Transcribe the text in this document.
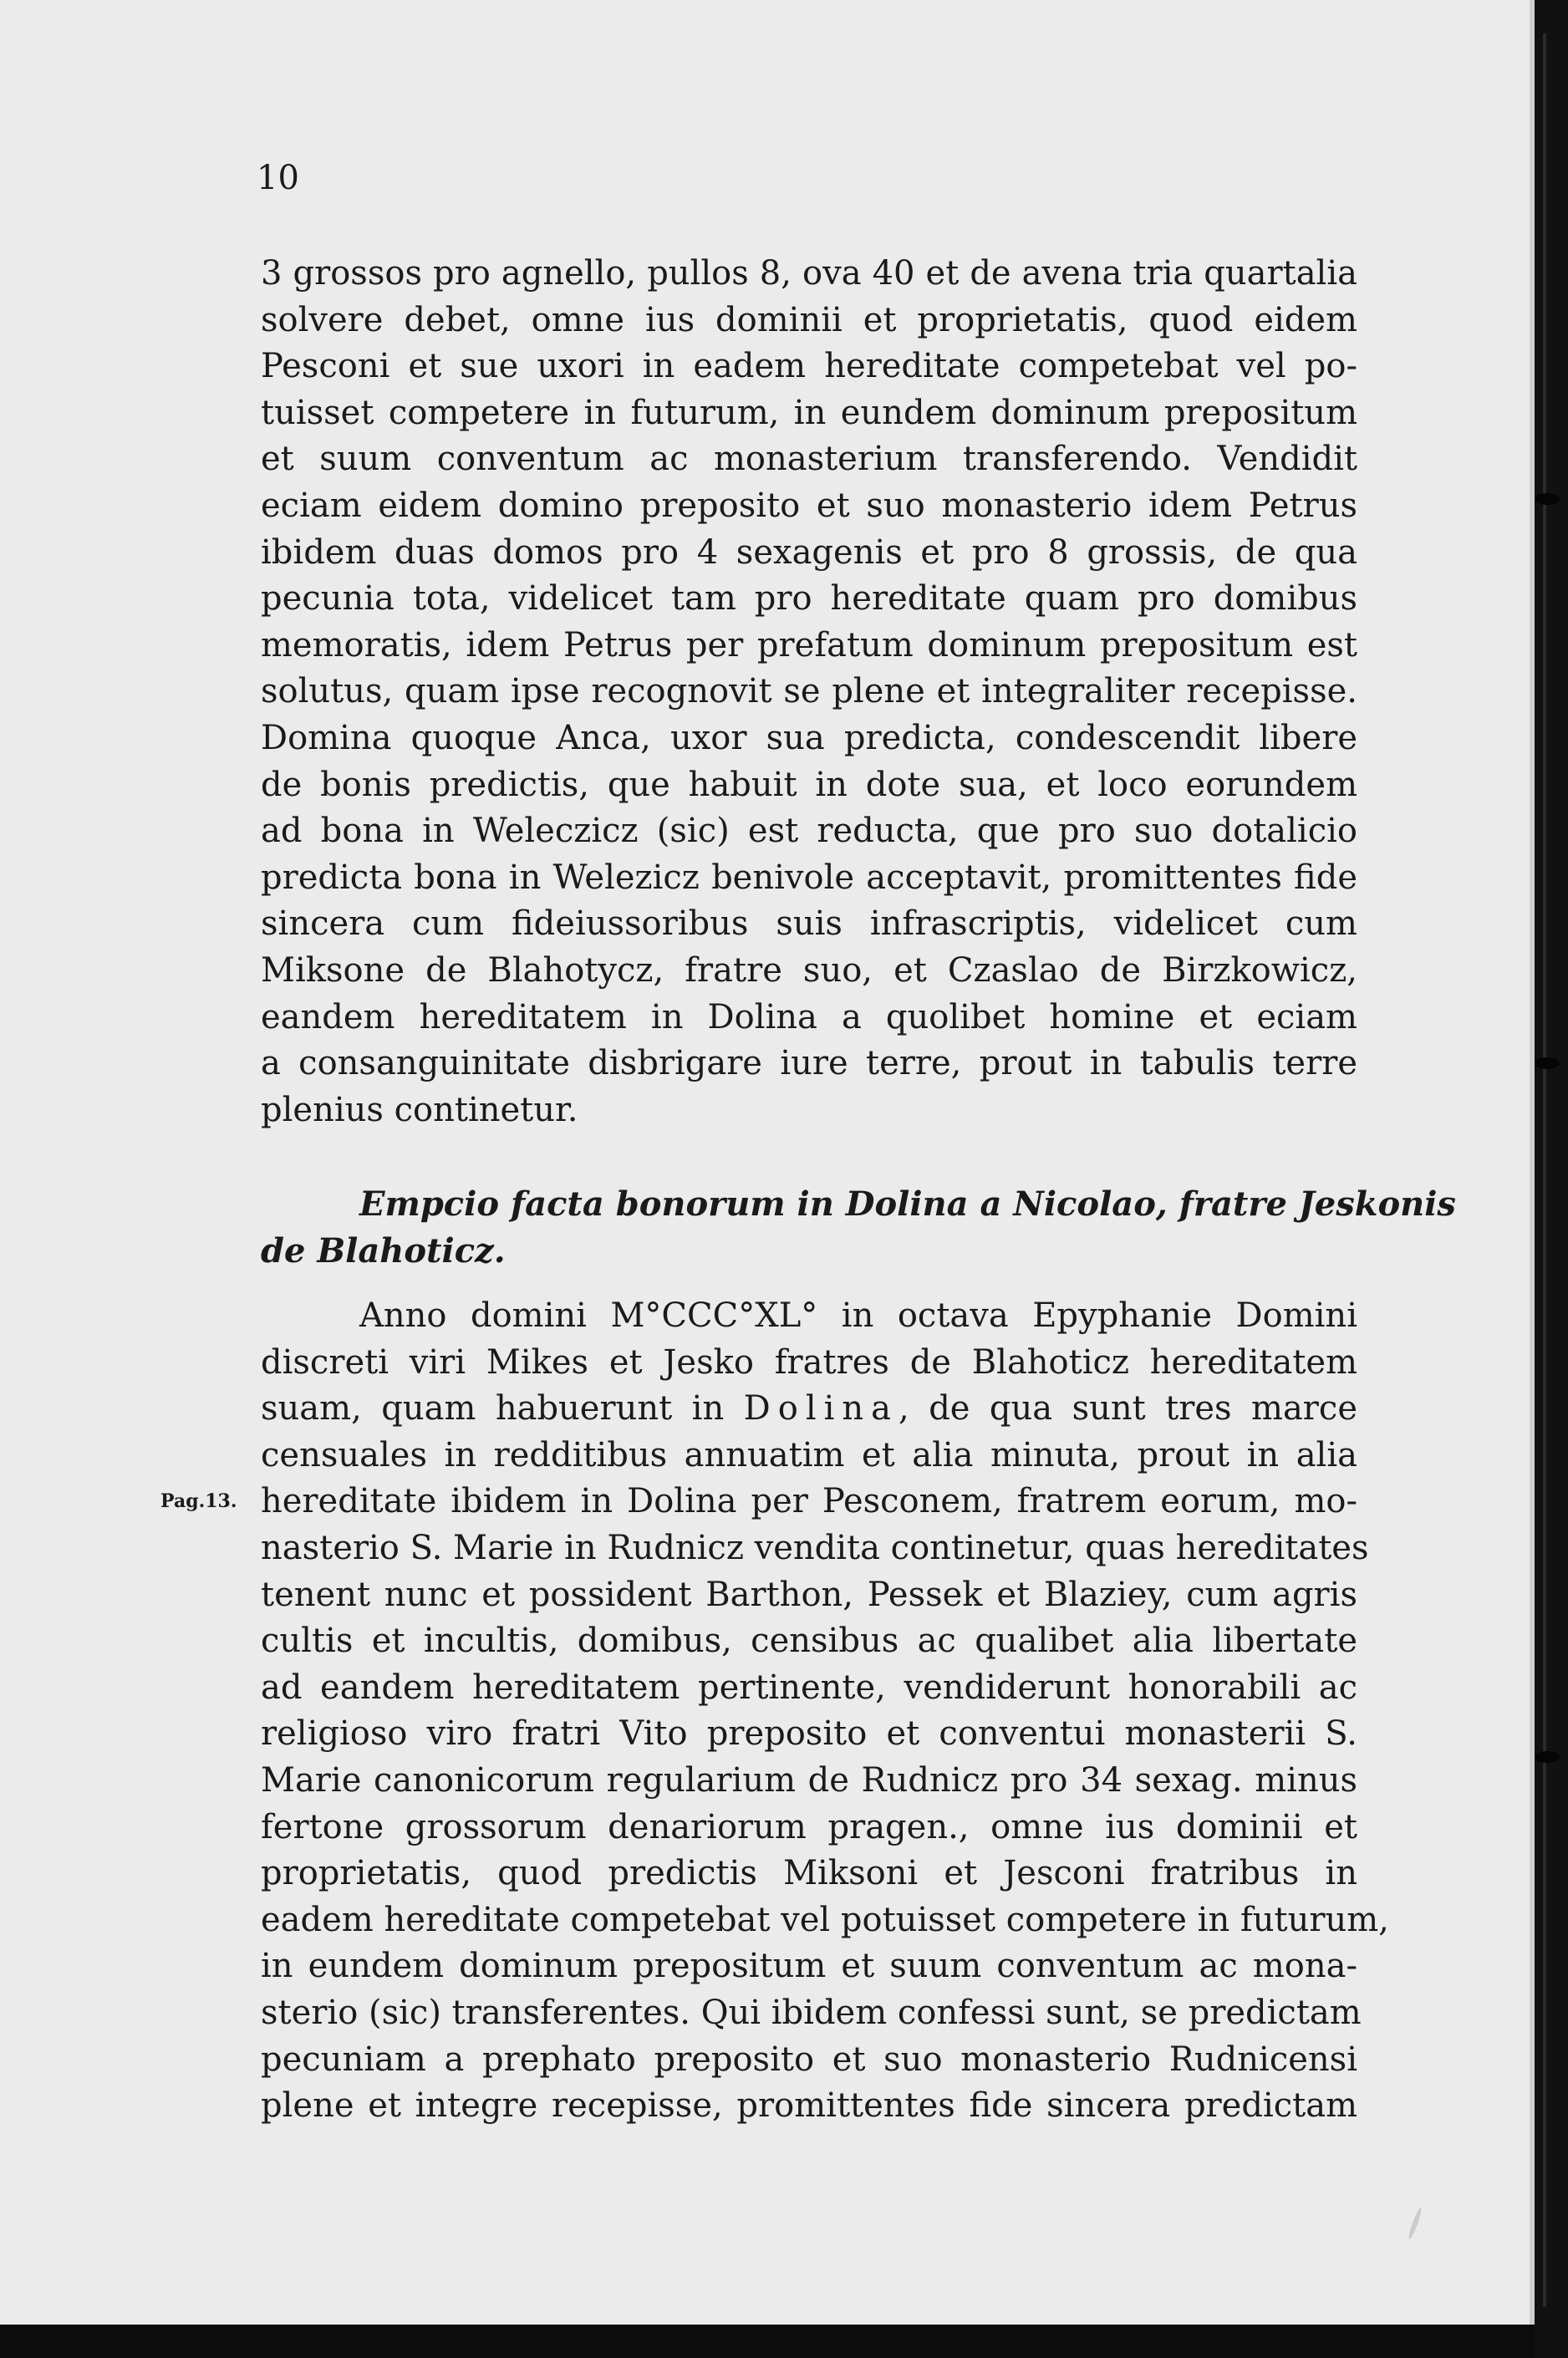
10

3 grossos pro agnello, pullos 8, ova 40 et de avena tria quartalia
solvere debet, omne ius dominii et proprietatis, quod eidem
Pesconi et sue uxori in eadem hereditate competebat vel po-
tuisset competere in futurum, in eundem dominum prepositum
et suum conventum ac monasterium transferendo. Vendidit
eciam eidem domino preposito et suo monasterio idem Petrus
ibidem duas domos pro 4 sexagenis et pro 8 grossis, de qua
pecunia tota, videlicet tam pro hereditate quam pro domibus
memoratis, idem Petrus per prefatum dominum prepositum est
solutus, quam ipse recognovit se plene et integraliter recepisse.
Domina quoque Anca, uxor sua predicta, condescendit libere
de bonis predictis, que habuit in dote sua, et loco eorundem
ad bona in Weleczicz (sic) est reducta, que pro suo dotalicio
predicta bona in Welezicz benivole acceptavit, promittentes fide
sincera cum fideiussoribus suis infrascriptis, videlicet cum
Miksone de Blahotycz, fratre suo, et Czaslao de Birzkowicz,
eandem hereditatem in Dolina a quolibet homine et eciam
a consanguinitate disbrigare iure terre, prout in tabulis terre
plenius continetur.

Empcio facta bonorum in Dolina a Nicolao, fratre Jeskonis
de Blahoticz.

Anno domini M°CCC°XL° in octava Epyphanie Domini
discreti viri Mikes et Jesko fratres de Blahoticz hereditatem
suam, quam habuerunt in Dolina, de qua sunt tres marce
censuales in redditibus annuatim et alia minuta, prout in alia
hereditate ibidem in Dolina per Pesconem, fratrem eorum, mo-
nasterio S. Marie in Rudnicz vendita continetur, quas hereditates
tenent nunc et possident Barthon, Pessek et Blaziey, cum agris
cultis et incultis, domibus, censibus ac qualibet alia libertate
ad eandem hereditatem pertinente, vendiderunt honorabili ac
religioso viro fratri Vito preposito et conventui monasterii S.
Marie canonicorum regularium de Rudnicz pro 34 sexag. minus
fertone grossorum denariorum pragen., omne ius dominii et
proprietatis, quod predictis Miksoni et Jesconi fratribus in
eadem hereditate competebat vel potuisset competere in futurum,
in eundem dominum prepositum et suum conventum ac mona-
sterio (sic) transferentes. Qui ibidem confessi sunt, se predictam
pecuniam a prephato preposito et suo monasterio Rudnicensi
plene et integre recepisse, promittentes fide sincera predictam

Pag.13.
